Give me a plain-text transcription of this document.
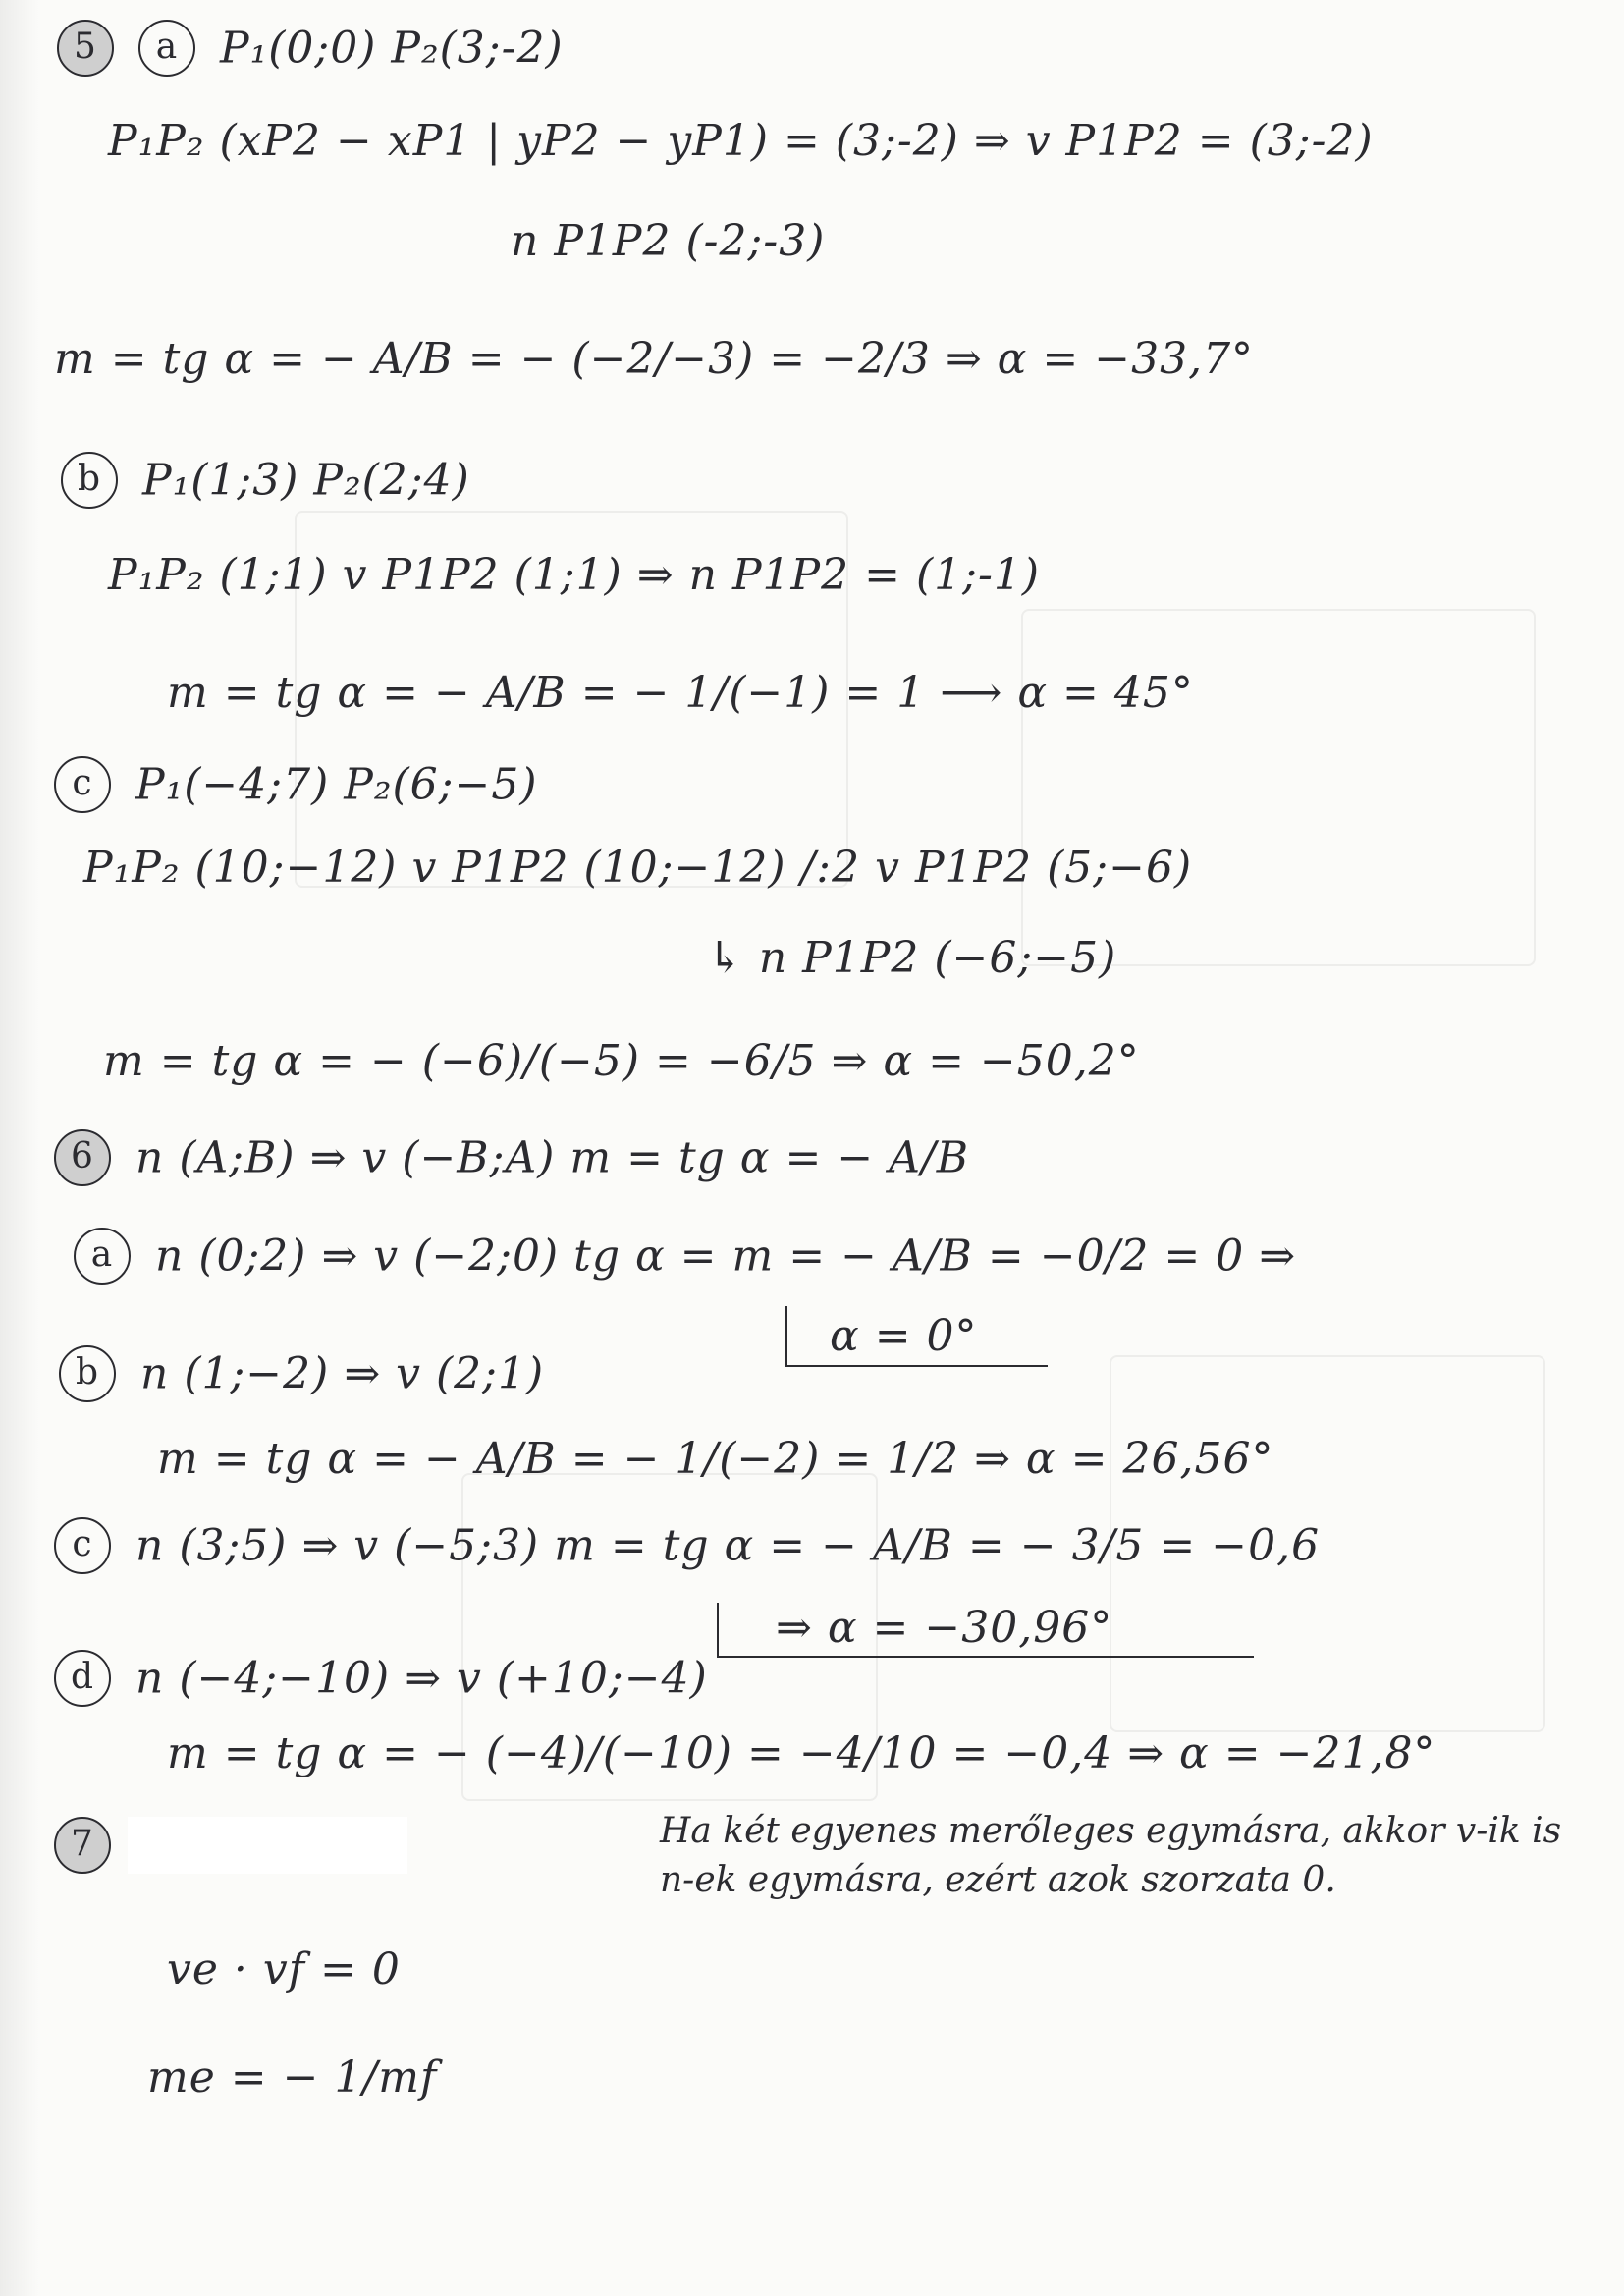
5 a P₁(0;0) P₂(3;-2)
P₁P₂ (xP2 − xP1 | yP2 − yP1) = (3;-2) ⇒ v P1P2 = (3;-2)
n P1P2 (-2;-3)
m = tg α = − A/B = − (−2/−3) = −2/3 ⇒ α = −33,7°
b P₁(1;3) P₂(2;4)
P₁P₂ (1;1) v P1P2 (1;1) ⇒ n P1P2 = (1;-1)
m = tg α = − A/B = − 1/(−1) = 1 ⟶ α = 45°
c P₁(−4;7) P₂(6;−5)
P₁P₂ (10;−12) v P1P2 (10;−12) /:2 v P1P2 (5;−6)
↳ n P1P2 (−6;−5)
m = tg α = − (−6)/(−5) = −6/5 ⇒ α = −50,2°
6 n (A;B) ⇒ v (−B;A) m = tg α = − A/B
a n (0;2) ⇒ v (−2;0) tg α = m = − A/B = −0/2 = 0 ⇒
α = 0°
b n (1;−2) ⇒ v (2;1)
m = tg α = − A/B = − 1/(−2) = 1/2 ⇒ α = 26,56°
c n (3;5) ⇒ v (−5;3) m = tg α = − A/B = − 3/5 = −0,6
⇒ α = −30,96°
d n (−4;−10) ⇒ v (+10;−4)
m = tg α = − (−4)/(−10) = −4/10 = −0,4 ⇒ α = −21,8°
7	Ha két egyenes merőleges egymásra, akkor v-ik is n-ek egymásra, ezért azok szorzata 0.
ve · vf = 0
me = − 1/mf
